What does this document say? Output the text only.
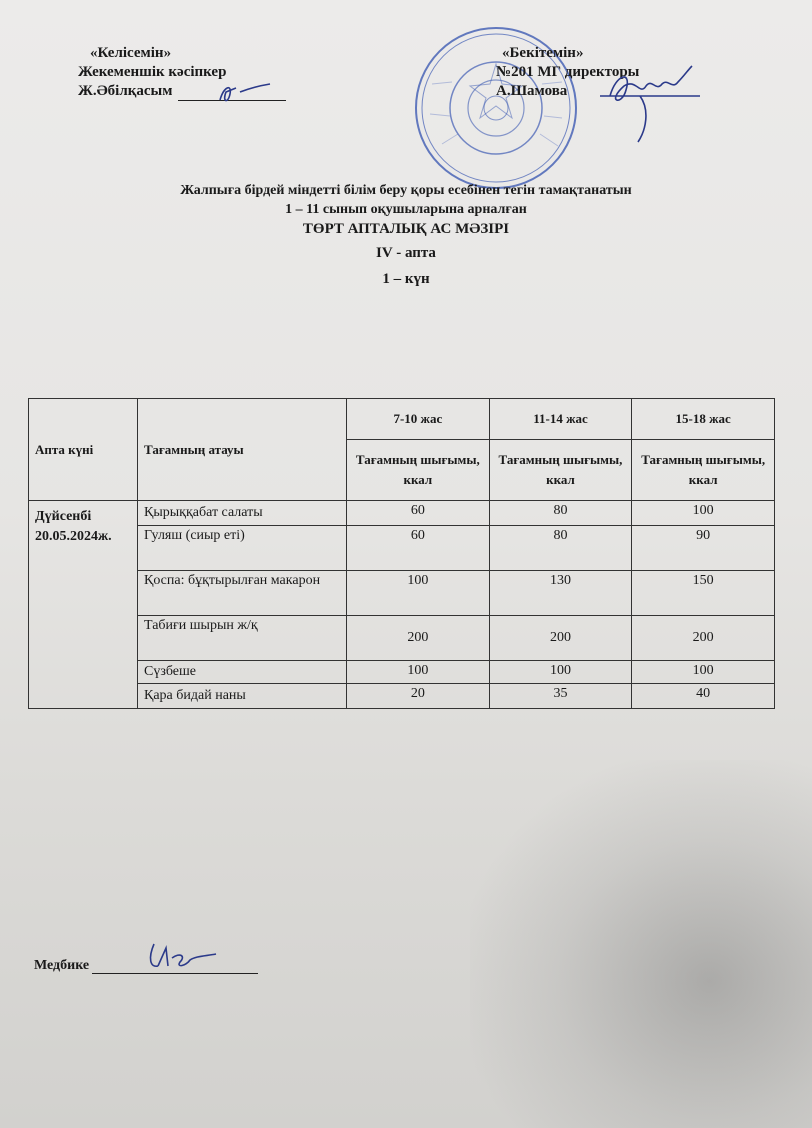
«Келісемін»
Жекеменшік кәсіпкер
Ж.Әбілқасым
«Бекітемін»
№201 МГ директоры
А.Шамова
Жалпыға бірдей міндетті білім беру қоры есебінен тегін тамақтанатын
1 – 11 сынып оқушыларына арналған
ТӨРТ АПТАЛЫҚ АС МӘЗІРІ
IV - апта
1 – күн
Апта күні	Тағамның атауы	7-10 жас	11-14 жас	15-18 жас
		Тағамның шығымы, ккал	Тағамның шығымы, ккал	Тағамның шығымы, ккал

Дүйсенбі
20.05.2024ж.	Қырыққабат салаты	60	80	100
	Гуляш (сиыр еті)	60	80	90
	Қоспа: бұқтырылған макарон	100	130	150
	Табиғи шырын ж/қ	200	200	200
	Сүзбеше	100	100	100
	Қара бидай наны	20	35	40
Медбике
